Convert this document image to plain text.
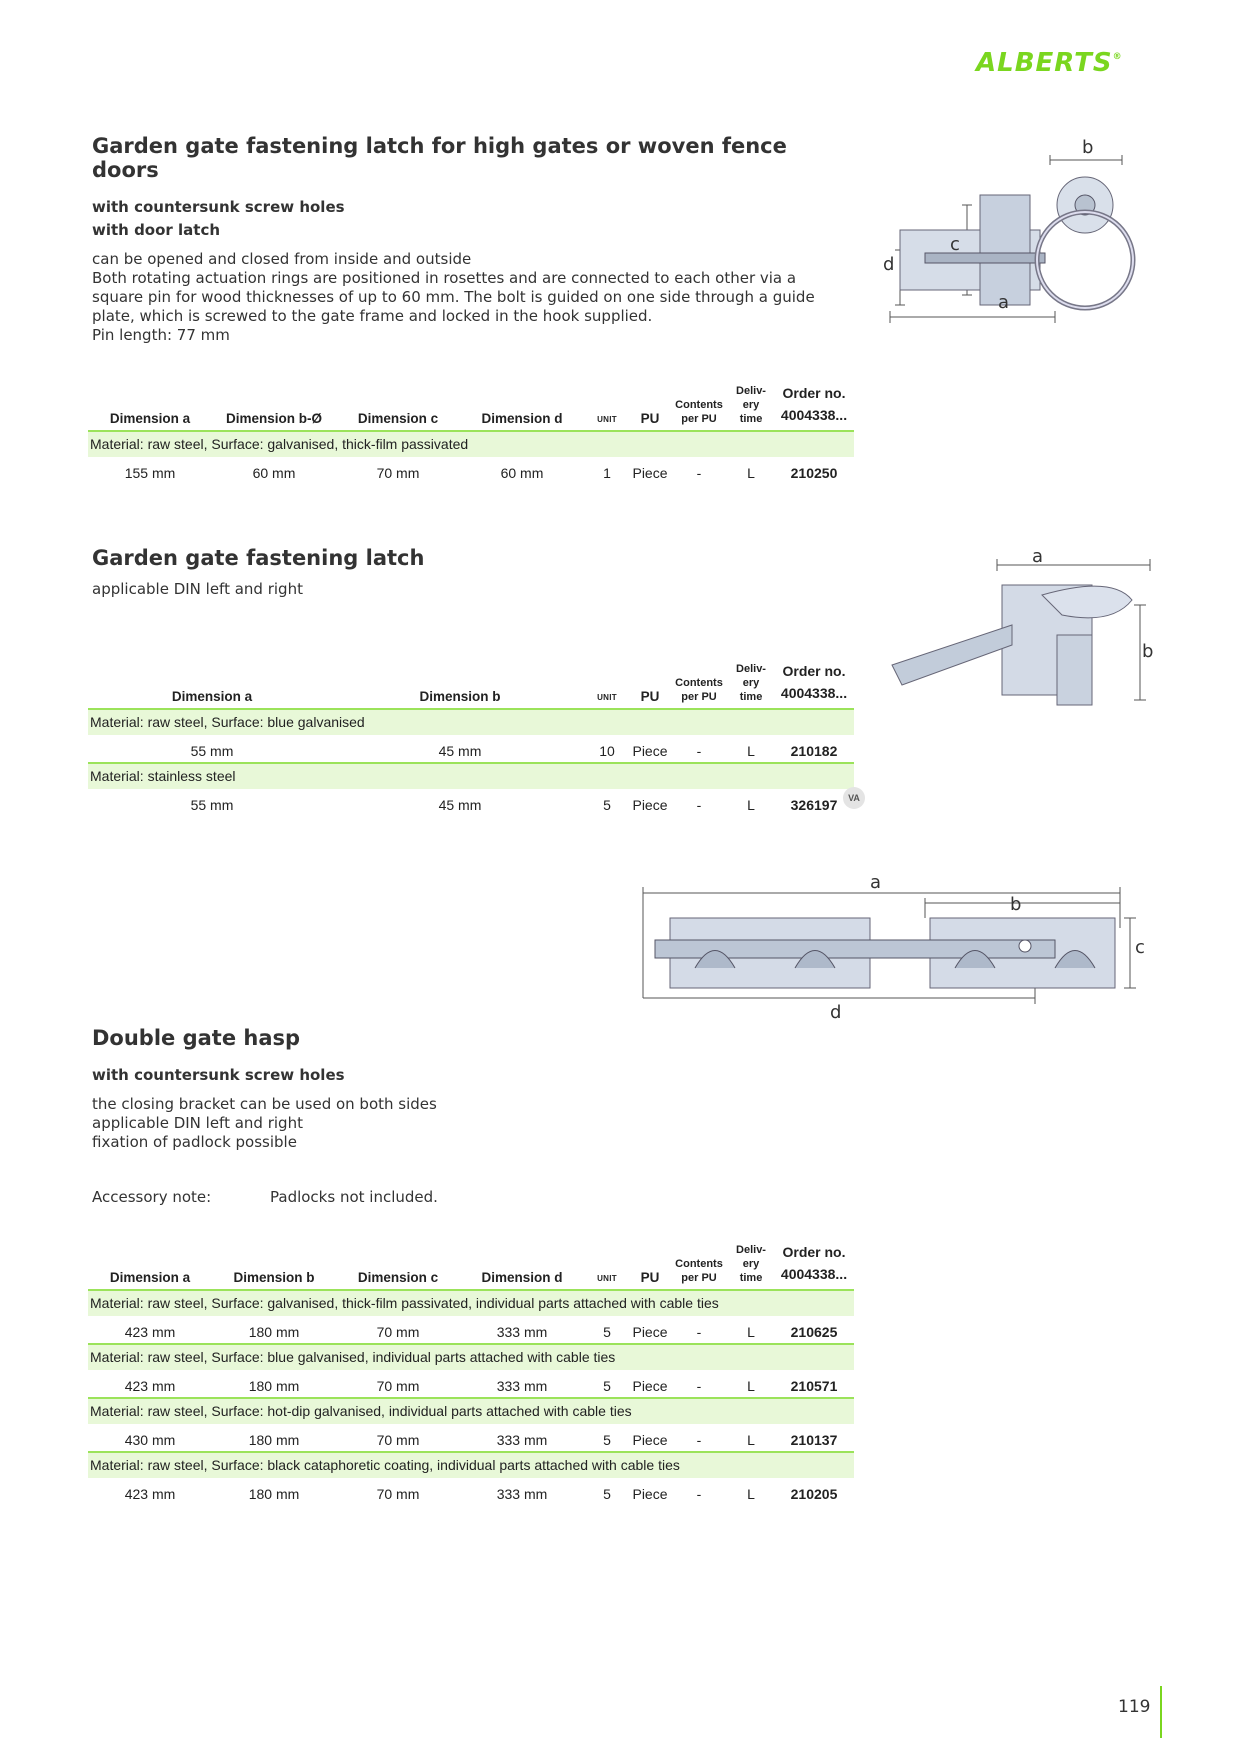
ALBERTS®
Garden gate fastening latch for high gates or woven fence doors
with countersunk screw holes
with door latch
can be opened and closed from inside and outside
Both rotating actuation rings are positioned in rosettes and are connected to each other via a
square pin for wood thicknesses of up to 60 mm. The bolt is guided on one side through a guide
plate, which is screwed to the gate frame and locked in the hook supplied.
Pin length: 77 mm
d
c
a
b
Dimension a	Dimension b-Ø	Dimension c	Dimension d	UNIT	PU	Contents
per PU	Deliv-
ery time	Order no.
4004338...
Material: raw steel, Surface: galvanised, thick-film passivated								
155 mm	60 mm	70 mm	60 mm	1	Piece	-	L	210250
Garden gate fastening latch
applicable DIN left and right
a
b
Dimension a	Dimension b	UNIT	PU	Contents
per PU	Deliv-
ery time	Order no.
4004338...
Material: raw steel, Surface: blue galvanised						
55 mm	45 mm	10	Piece	-	L	210182
Material: stainless steel						
55 mm	45 mm	5	Piece	-	L	326197	VA
a
b
c
d
Double gate hasp
with countersunk screw holes
the closing bracket can be used on both sides
applicable DIN left and right
fixation of padlock possible
Accessory note:	Padlocks not included.
Dimension a	Dimension b	Dimension c	Dimension d	UNIT	PU	Contents
per PU	Deliv-
ery time	Order no.
4004338...
Material: raw steel, Surface: galvanised, thick-film passivated, individual parts attached with cable ties								
423 mm	180 mm	70 mm	333 mm	5	Piece	-	L	210625
Material: raw steel, Surface: blue galvanised, individual parts attached with cable ties								
423 mm	180 mm	70 mm	333 mm	5	Piece	-	L	210571
Material: raw steel, Surface: hot-dip galvanised, individual parts attached with cable ties								
430 mm	180 mm	70 mm	333 mm	5	Piece	-	L	210137
Material: raw steel, Surface: black cataphoretic coating, individual parts attached with cable ties								
423 mm	180 mm	70 mm	333 mm	5	Piece	-	L	210205
119
